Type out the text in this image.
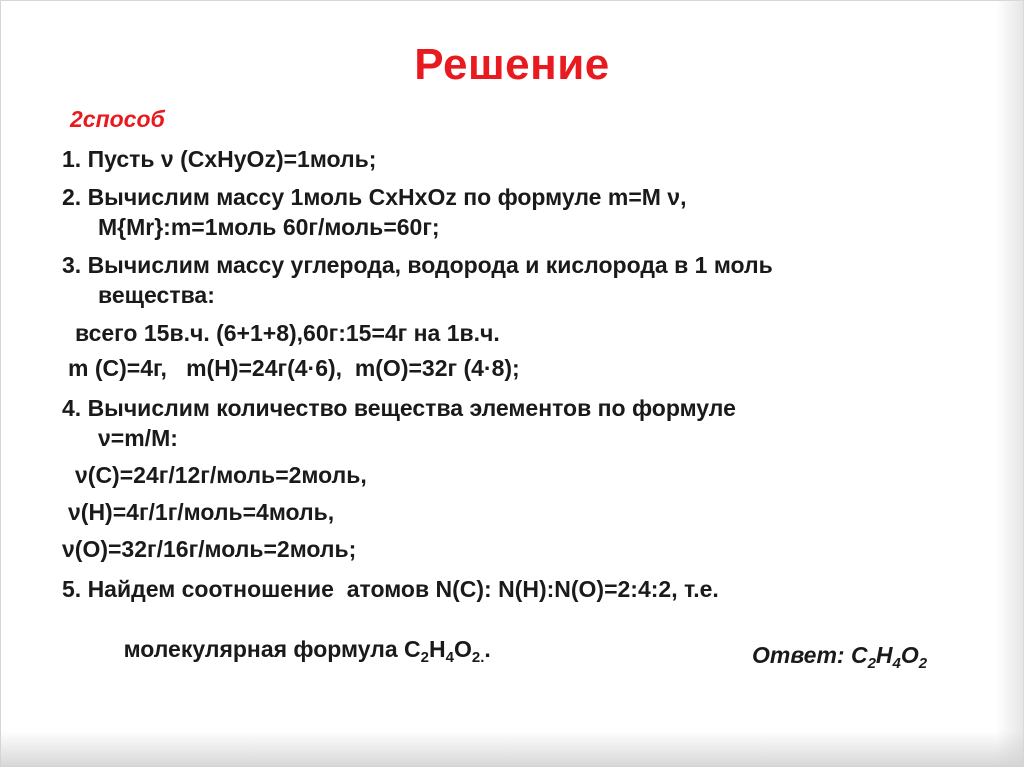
Решение
2способ
1. Пусть ν (CxHyOz)=1моль;
2. Вычислим массу 1моль CxHxOz по формуле m=M ν,
M{Mr}:m=1моль 60г/моль=60г;
3. Вычислим массу углерода, водорода и кислорода в 1 моль
вещества:
всего 15в.ч. (6+1+8),60г:15=4г на 1в.ч.
m (C)=4г,   m(H)=24г(4·6),  m(O)=32г (4·8);
4. Вычислим количество вещества элементов по формуле
ν=m/M:
ν(C)=24г/12г/моль=2моль,
ν(H)=4г/1г/моль=4моль,
ν(O)=32г/16г/моль=2моль;
5. Найдем соотношение  атомов N(C): N(H):N(O)=2:4:2, т.е.

молекулярная формула $C_2H_4O_{2.}$.
	Ответ: $C_2H_4O_2$
